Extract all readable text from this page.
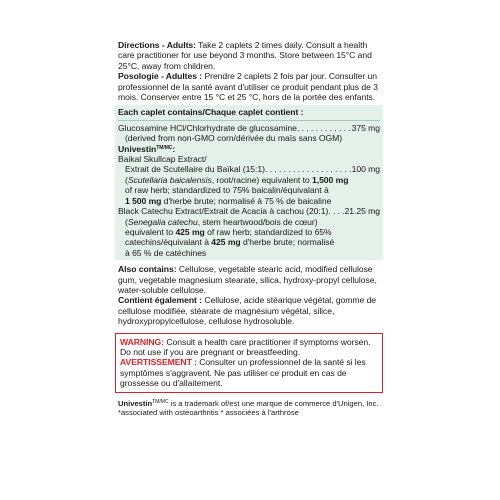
Directions - Adults: Take 2 caplets 2 times daily. Consult a health care practitioner for use beyond 3 months. Store between 15°C and 25°C, away from children.

Posologie - Adultes : Prendre 2 caplets 2 fois par jour. Consulter un professionnel de la santé avant d'utiliser ce produit pendant plus de 3 mois. Conserver entre 15 °C et 25 °C, hors de la portée des enfants.

Each caplet contains/Chaque caplet contient :

Glucosamine HCl/Chlorhydrate de glucosamine . . .	375 mg

(derived from non-GMO corn/dérivée du maïs sans OGM)

Univestin$^{TM/MC}$:

Baikal Skullcap Extract/

Extrait de Scutellaire du Baïkal (15:1) . . .	100 mg

(Scutellaria baicalensis, root/racine) equivalent to 1,500 mg

of raw herb; standardized to 75% baicalin/équivalant à

1 500 mg d'herbe brute; normalisé à 75 % de baicaline

Black Catechu Extract/Extrait de Acacia à cachou (20:1) . . . 21.25 mg

(Senegalia catechu, stem heartwood/bois de cœur)

equivalent to 425 mg of raw herb; standardized to 65%

catechins/équivalant à 425 mg d'herbe brute; normalisé

à 65 % de catéchines

Also contains: Cellulose, vegetable stearic acid, modified cellulose gum, vegetable magnesium stearate, silica, hydroxy-propyl cellulose, water-soluble cellulose.

Contient également : Cellulose, acide stéarique végétal, gomme de cellulose modifiée, stéarate de magnésium végétal, silice, hydroxypropylcellulose, cellulose hydrosoluble.

WARNING: Consult a health care practitioner if symptoms worsen. Do not use if you are pregnant or breastfeeding.

AVERTISSEMENT : Consulter un professionnel de la santé si les symptômes s'aggravent. Ne pas utiliser ce produit en cas de grossesse ou d'allaitement.

Univestin$^{TM/MC}$ is a trademark of/est une marque de commerce d'Unigen, Inc.

*associated with osteoarthritis * associées à l'arthrose
